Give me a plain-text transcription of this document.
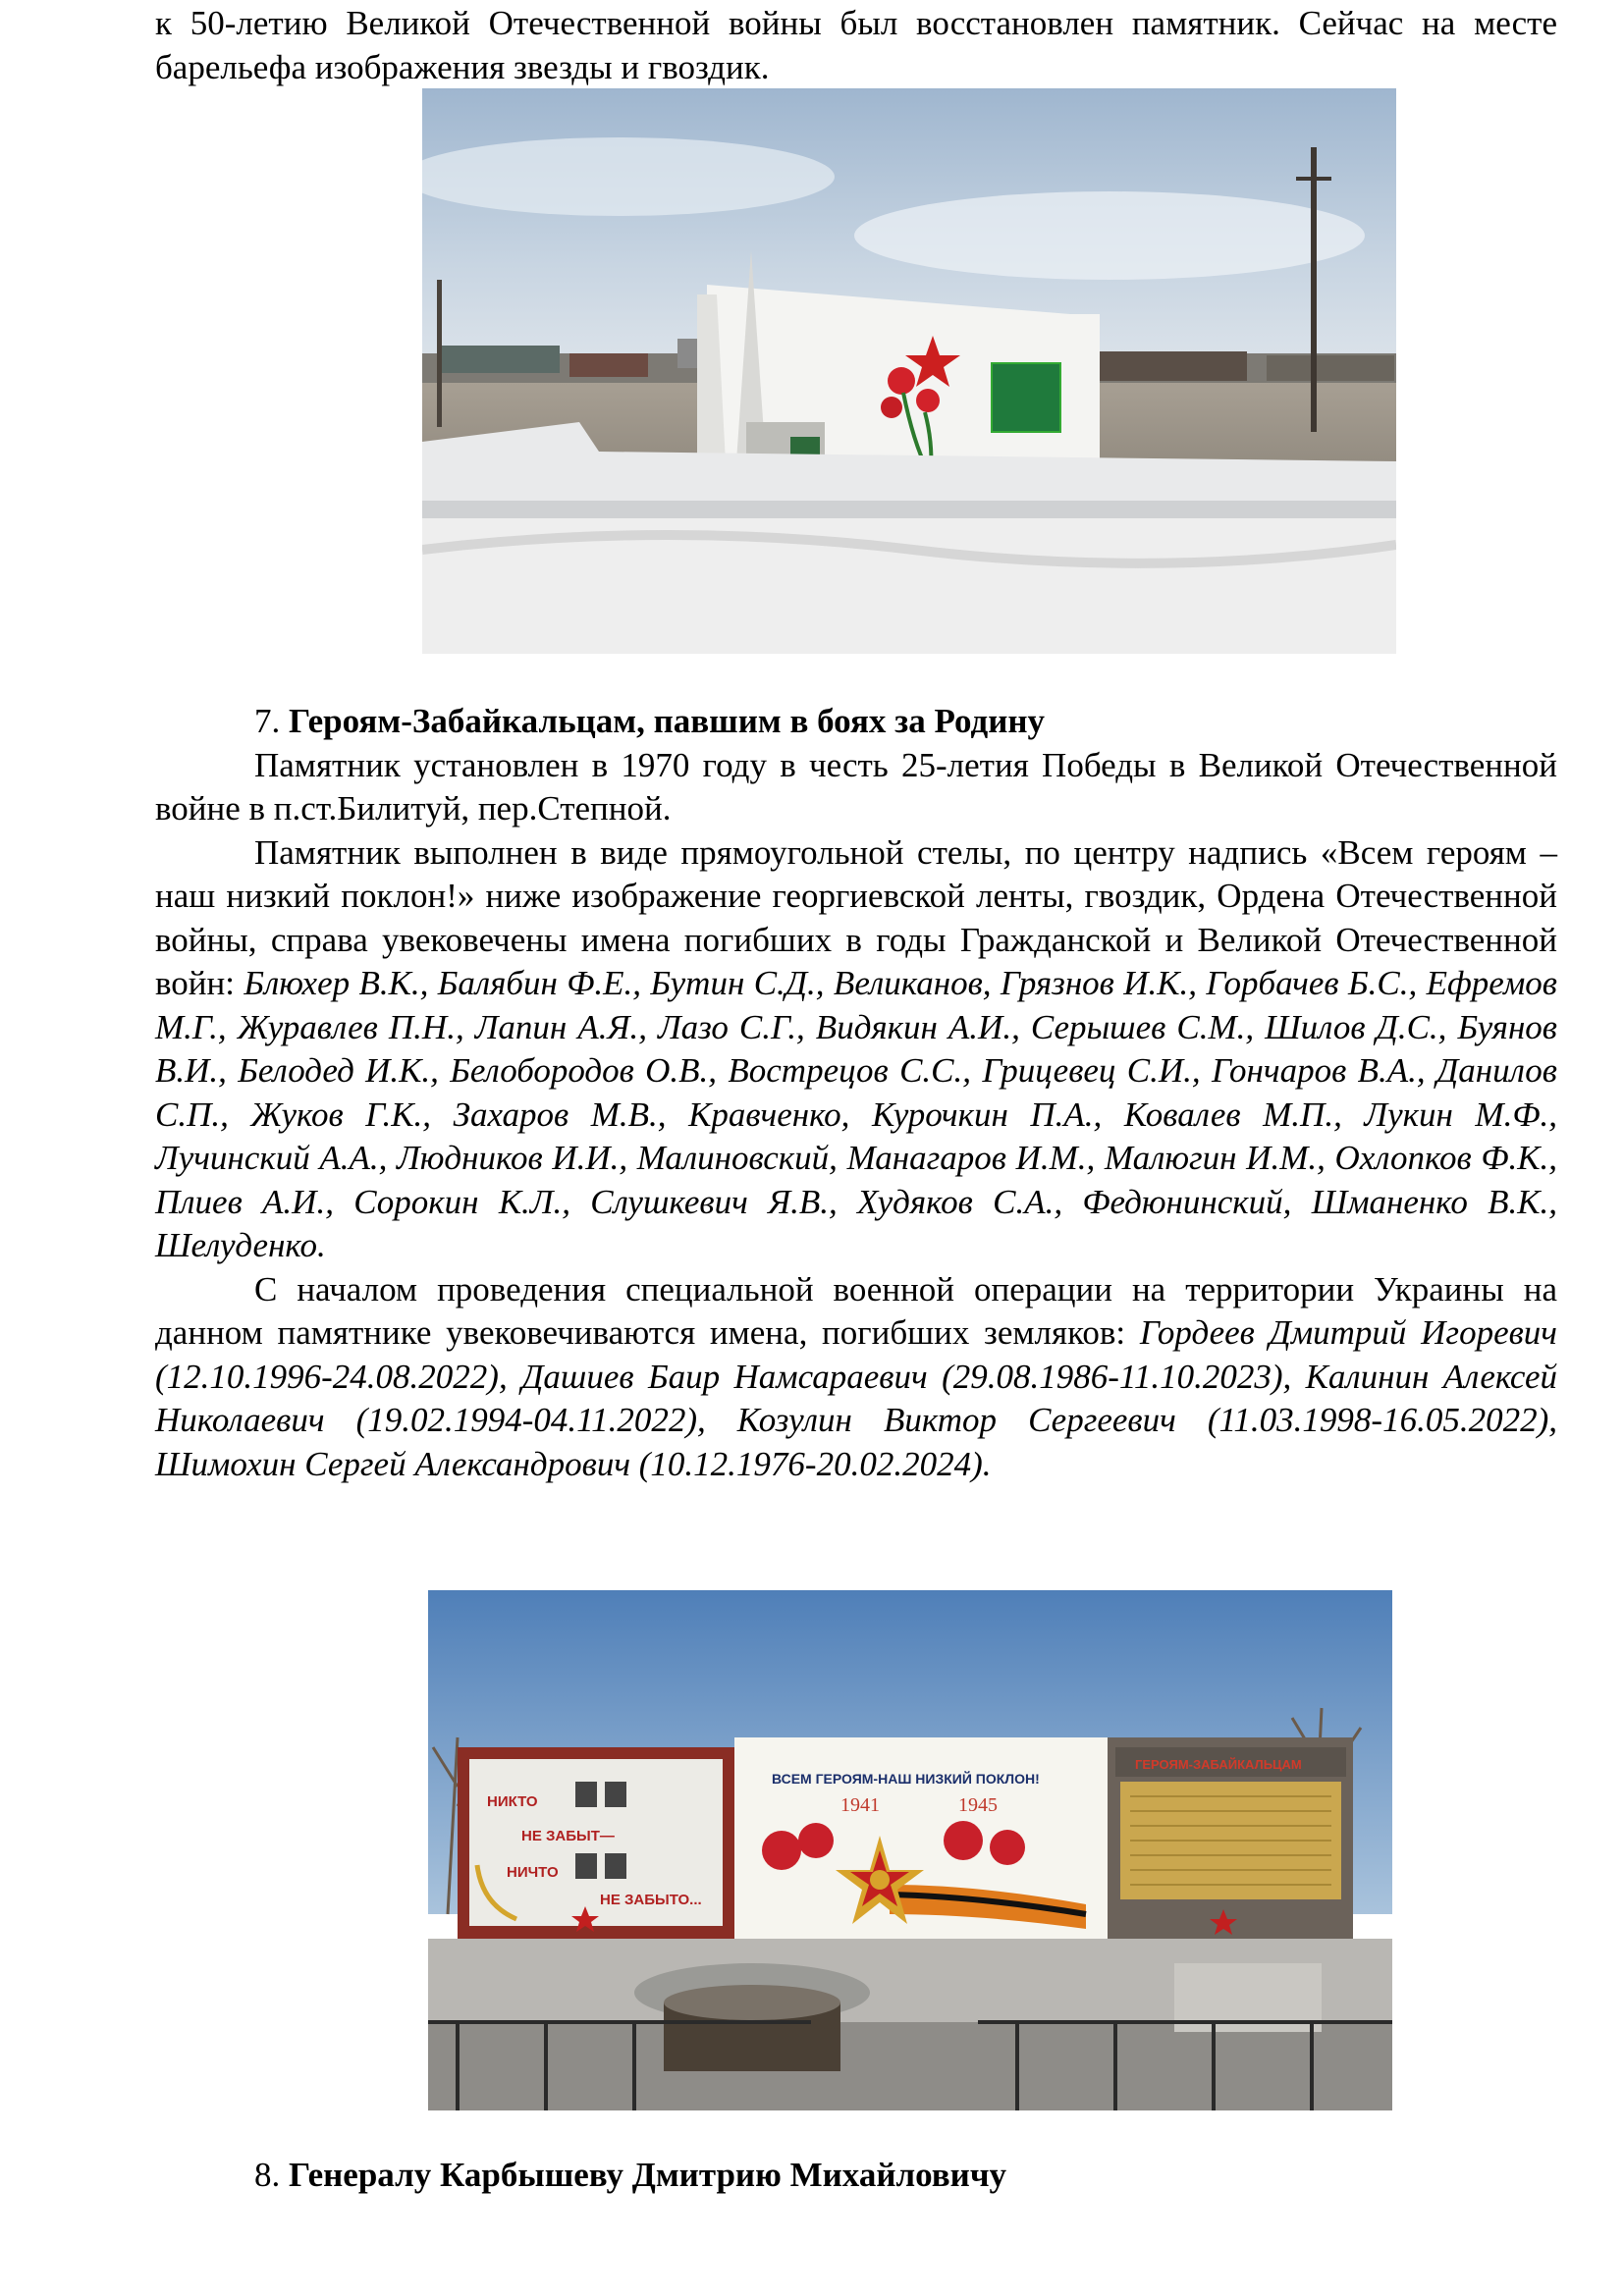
к 50-летию Великой Отечественной войны был восстановлен памятник. Сейчас на месте барельефа изображения звезды и гвоздик.

7. Героям-Забайкальцам, павшим в боях за Родину

Памятник установлен в 1970 году в честь 25-летия Победы в Великой Отечественной войне в п.ст.Билитуй, пер.Степной.

Памятник выполнен в виде прямоугольной стелы, по центру надпись «Всем героям – наш низкий поклон!» ниже изображение георгиевской ленты, гвоздик, Ордена Отечественной войны, справа увековечены имена погибших в годы Гражданской и Великой Отечественной войн: Блюхер В.К., Балябин Ф.Е., Бутин С.Д., Великанов, Грязнов И.К., Горбачев Б.С., Ефремов М.Г., Журавлев П.Н., Лапин А.Я., Лазо С.Г., Видякин А.И., Серышев С.М., Шилов Д.С., Буянов В.И., Белодед И.К., Белобородов О.В., Вострецов С.С., Грицевец С.И., Гончаров В.А., Данилов С.П., Жуков Г.К., Захаров М.В., Кравченко, Курочкин П.А., Ковалев М.П., Лукин М.Ф., Лучинский А.А., Людников И.И., Малиновский, Манагаров И.М., Малюгин И.М., Охлопков Ф.К., Плиев А.И., Сорокин К.Л., Слушкевич Я.В., Худяков С.А., Федюнинский, Шманенко В.К., Шелуденко.

С началом проведения специальной военной операции на территории Украины на данном памятнике увековечиваются имена, погибших земляков: Гордеев Дмитрий Игоревич (12.10.1996-24.08.2022), Дашиев Баир Намсараевич (29.08.1986-11.10.2023), Калинин Алексей Николаевич (19.02.1994-04.11.2022), Козулин Виктор Сергеевич (11.03.1998-16.05.2022), Шимохин Сергей Александрович (10.12.1976-20.02.2024).

НИКТО
НЕ ЗАБЫТ—
НИЧТО
НЕ ЗАБЫТО...
ВСЕМ ГЕРОЯМ-НАШ НИЗКИЙ ПОКЛОН!
1941	1945
ГЕРОЯМ-ЗАБАЙКАЛЬЦАМ

8. Генералу Карбышеву Дмитрию Михайловичу
